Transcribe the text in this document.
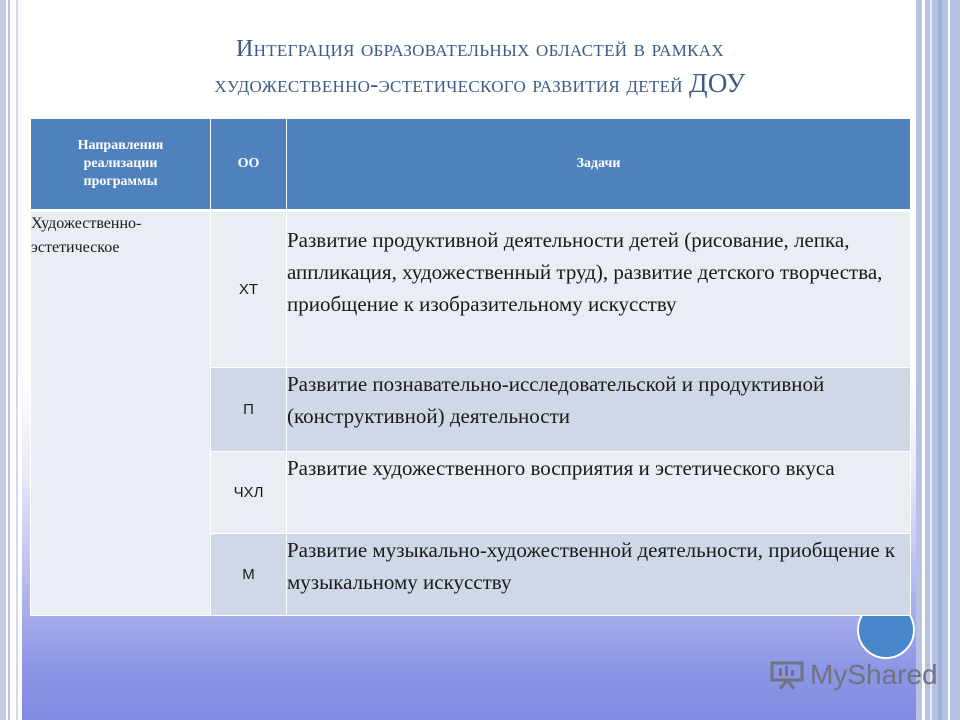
Интеграция образовательных областей в рамках
художественно-эстетического развития детей ДОУ
Направления реализации программы	ОО	Задачи
Художественно-эстетическое	ХТ	Развитие продуктивной деятельности детей (рисование, лепка, аппликация, художественный труд), развитие детского творчества, приобщение к изобразительному искусству
	П	Развитие познавательно-исследовательской и продуктивной (конструктивной) деятельности
	ЧХЛ	Развитие художественного восприятия и эстетического вкуса
	М	Развитие музыкально-художественной деятельности, приобщение к музыкальному искусству
MyShared
